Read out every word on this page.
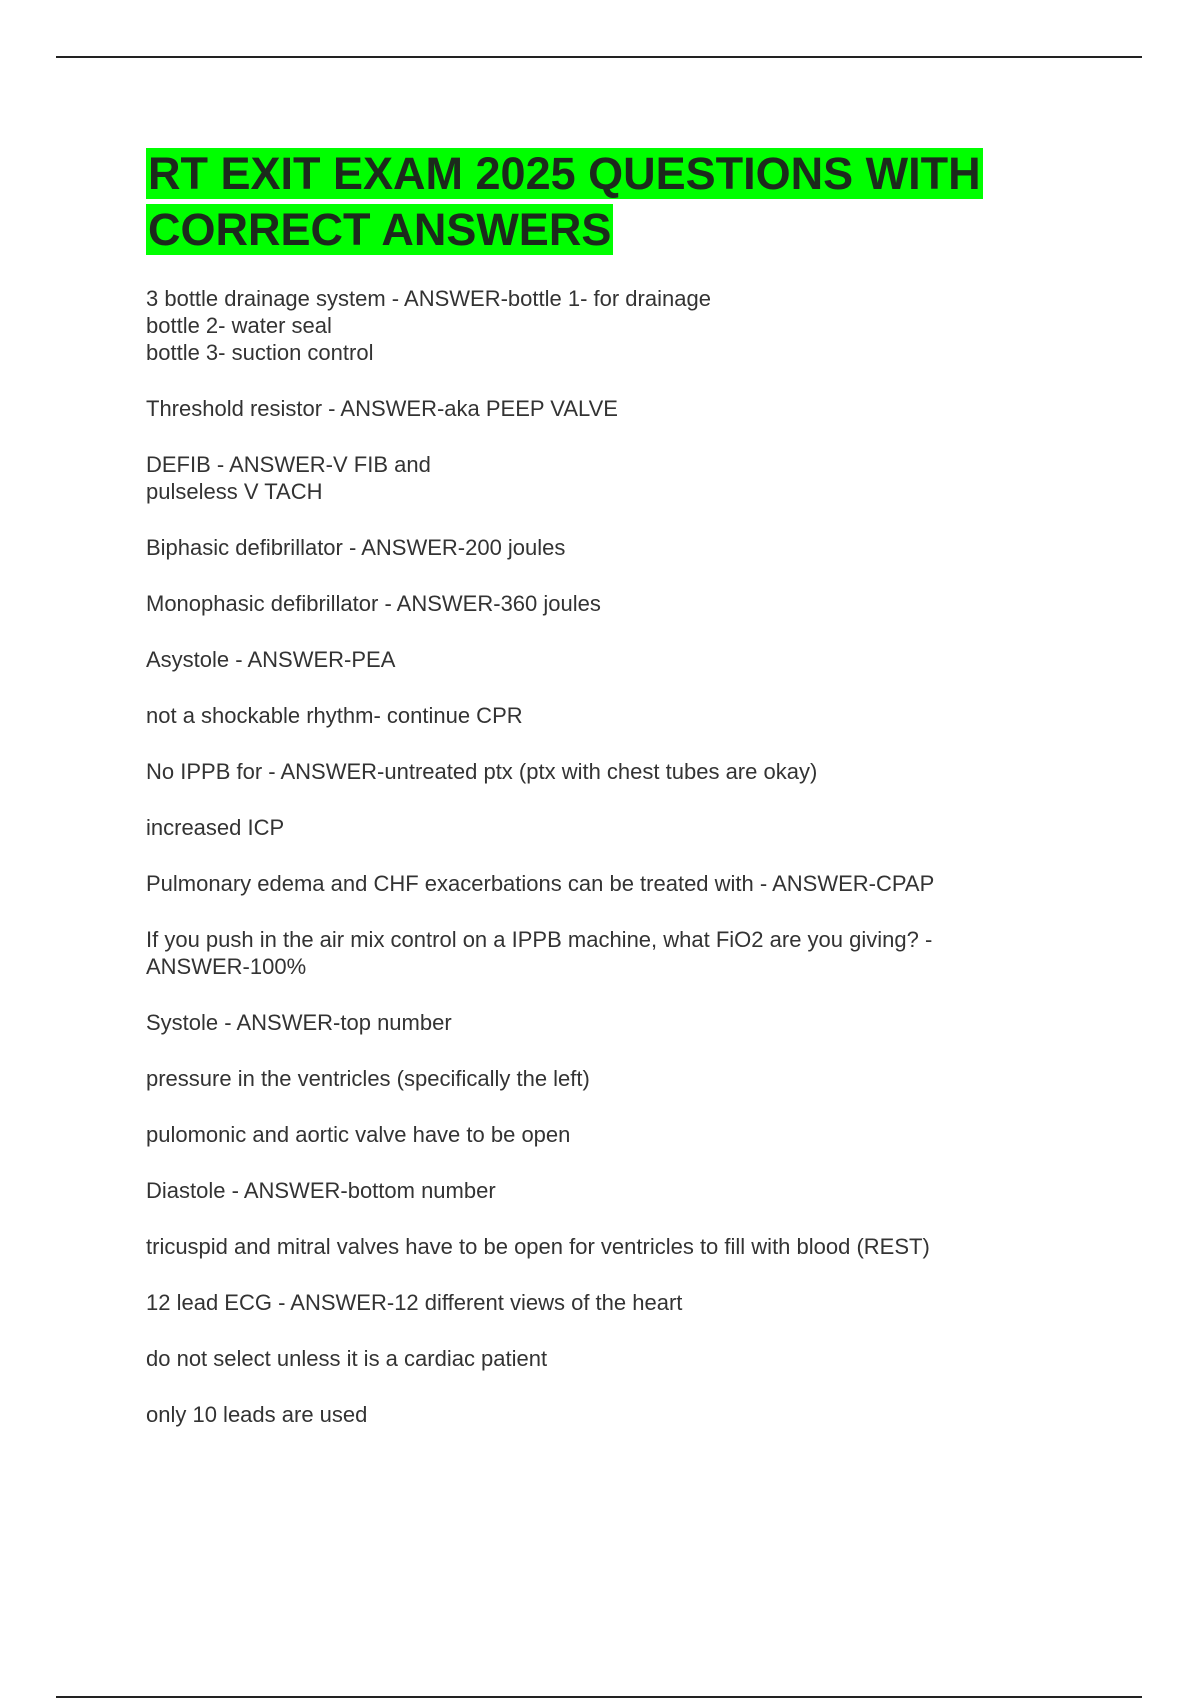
RT EXIT EXAM 2025 QUESTIONS WITH
CORRECT ANSWERS
3 bottle drainage system - ANSWER-bottle 1- for drainage
bottle 2- water seal
bottle 3- suction control
Threshold resistor - ANSWER-aka PEEP VALVE
DEFIB - ANSWER-V FIB and
pulseless V TACH
Biphasic defibrillator - ANSWER-200 joules
Monophasic defibrillator - ANSWER-360 joules
Asystole - ANSWER-PEA
not a shockable rhythm- continue CPR
No IPPB for - ANSWER-untreated ptx (ptx with chest tubes are okay)
increased ICP
Pulmonary edema and CHF exacerbations can be treated with - ANSWER-CPAP
If you push in the air mix control on a IPPB machine, what FiO2 are you giving? -
ANSWER-100%
Systole - ANSWER-top number
pressure in the ventricles (specifically the left)
pulomonic and aortic valve have to be open
Diastole - ANSWER-bottom number
tricuspid and mitral valves have to be open for ventricles to fill with blood (REST)
12 lead ECG - ANSWER-12 different views of the heart
do not select unless it is a cardiac patient
only 10 leads are used
